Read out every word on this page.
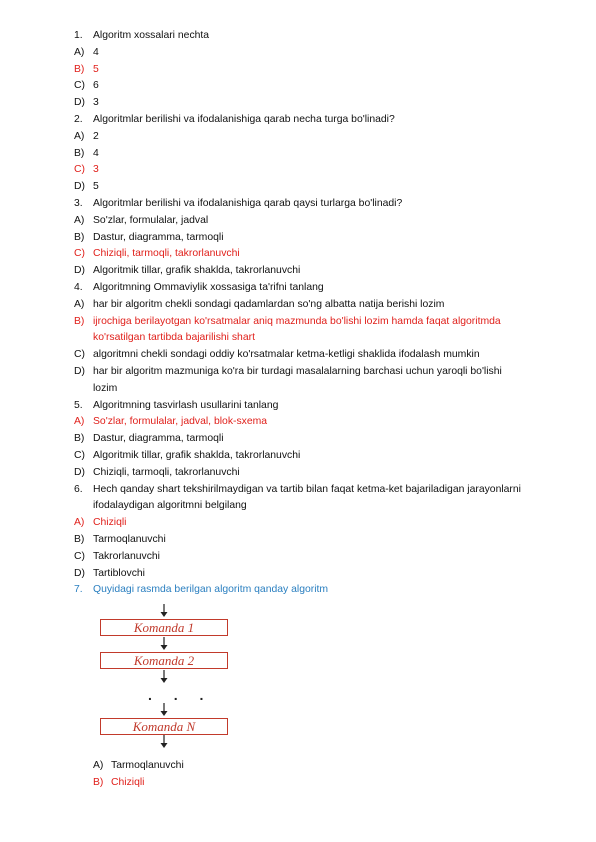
1. Algoritm xossalari nechta
A) 4
B) 5
C) 6
D) 3
2. Algoritmlar berilishi va ifodalanishiga qarab necha turga bo'linadi?
A) 2
B) 4
C) 3
D) 5
3. Algoritmlar berilishi va ifodalanishiga qarab qaysi turlarga bo'linadi?
A) So'zlar, formulalar, jadval
B) Dastur, diagramma, tarmoqli
C) Chiziqli, tarmoqli, takrorlanuvchi
D) Algoritmik tillar, grafik shaklda, takrorlanuvchi
4. Algoritmning Ommaviylik xossasiga ta'rifni tanlang
A) har bir algoritm chekli sondagi qadamlardan so'ng albatta natija berishi lozim
B) ijrochiga berilayotgan ko'rsatmalar aniq mazmunda bo'lishi lozim hamda faqat algoritmda
ko'rsatilgan tartibda bajarilishi shart
C) algoritmni chekli sondagi oddiy ko'rsatmalar ketma-ketligi shaklida ifodalash mumkin
D) har bir algoritm mazmuniga ko'ra bir turdagi masalalarning barchasi uchun yaroqli bo'lishi
lozim
5. Algoritmning tasvirlash usullarini tanlang
A) So'zlar, formulalar, jadval, blok-sxema
B) Dastur, diagramma, tarmoqli
C) Algoritmik tillar, grafik shaklda, takrorlanuvchi
D) Chiziqli, tarmoqli, takrorlanuvchi
6. Hech qanday shart tekshirilmaydigan va tartib bilan faqat ketma-ket bajariladigan jarayonlarni
ifodalaydigan algoritmni belgilang
A) Chiziqli
B) Tarmoqlanuvchi
C) Takrorlanuvchi
D) Tartiblovchi
7. Quyidagi rasmda berilgan algoritm qanday algoritm
Komanda 1
Komanda 2
. . .
Komanda N
A) Tarmoqlanuvchi
B) Chiziqli
